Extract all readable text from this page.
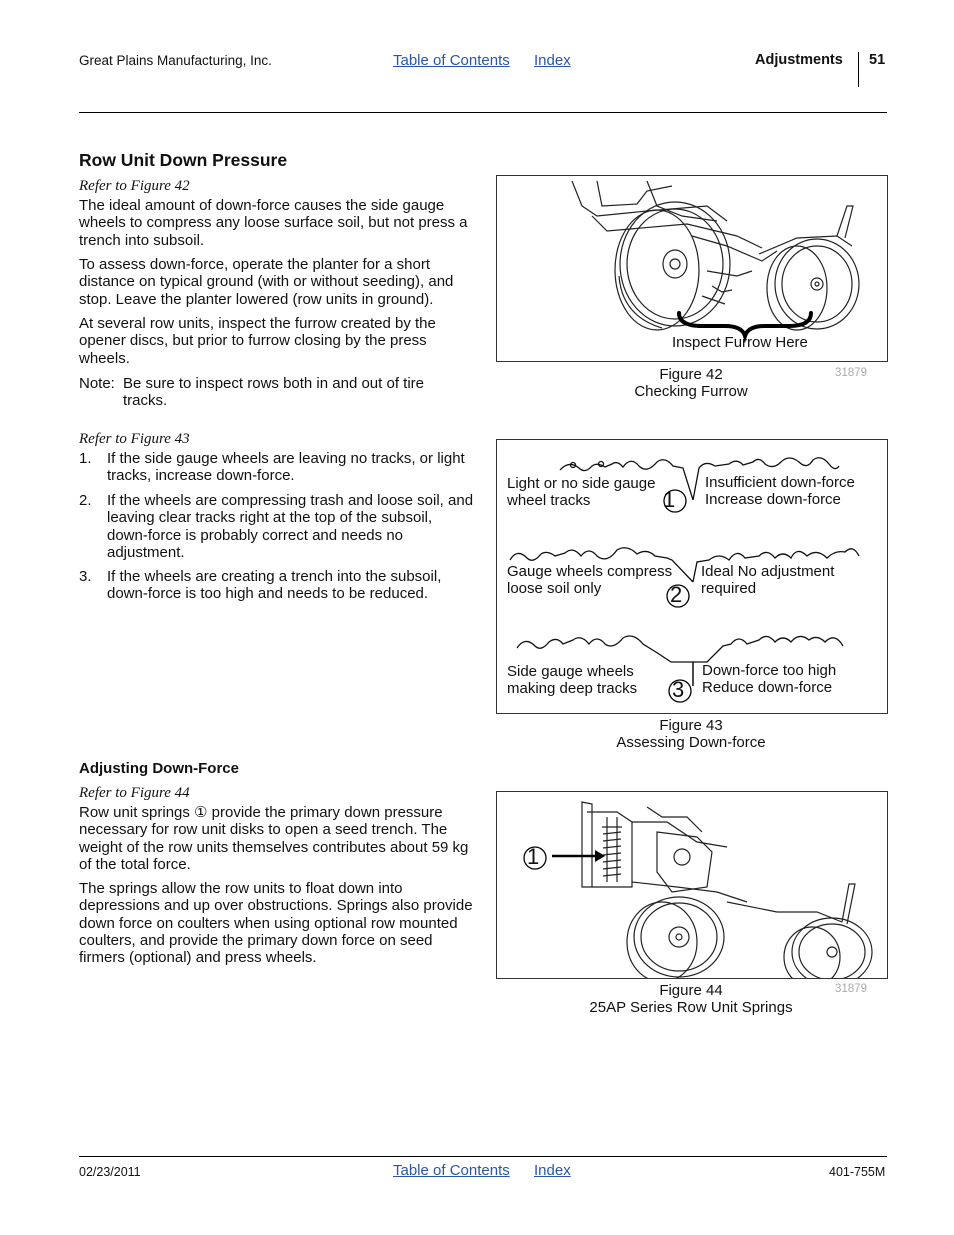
Great Plains Manufacturing, Inc.	Table of Contents Index	Adjustments 51
Row Unit Down Pressure
Refer to Figure 42
The ideal amount of down-force causes the side gauge wheels to compress any loose surface soil, but not press a trench into subsoil.
To assess down-force, operate the planter for a short distance on typical ground (with or without seeding), and stop. Leave the planter lowered (row units in ground).
At several row units, inspect the furrow created by the opener discs, but prior to furrow closing by the press wheels.
Note: Be sure to inspect rows both in and out of tire tracks.
Refer to Figure 43
1. If the side gauge wheels are leaving no tracks, or light tracks, increase down-force.
2. If the wheels are compressing trash and loose soil, and leaving clear tracks right at the top of the subsoil, down-force is probably correct and needs no adjustment.
3. If the wheels are creating a trench into the subsoil, down-force is too high and needs to be reduced.
Adjusting Down-Force
Refer to Figure 44
Row unit springs ① provide the primary down pressure necessary for row unit disks to open a seed trench. The weight of the row units themselves contributes about 59 kg of the total force.
The springs allow the row units to float down into depressions and up over obstructions. Springs also provide down force on coulters when using optional row mounted coulters, and provide the primary down force on seed firmers (optional) and press wheels.
Inspect Furrow Here
Figure 42
Checking Furrow
31879
Light or no side gauge wheel tracks
Insufficient down-force Increase down-force
1
Gauge wheels compress loose soil only
Ideal No adjustment required
2
Side gauge wheels making deep tracks
Down-force too high Reduce down-force
3
Figure 43
Assessing Down-force
1
Figure 44
25AP Series Row Unit Springs
31879
02/23/2011	Table of Contents Index	401-755M
